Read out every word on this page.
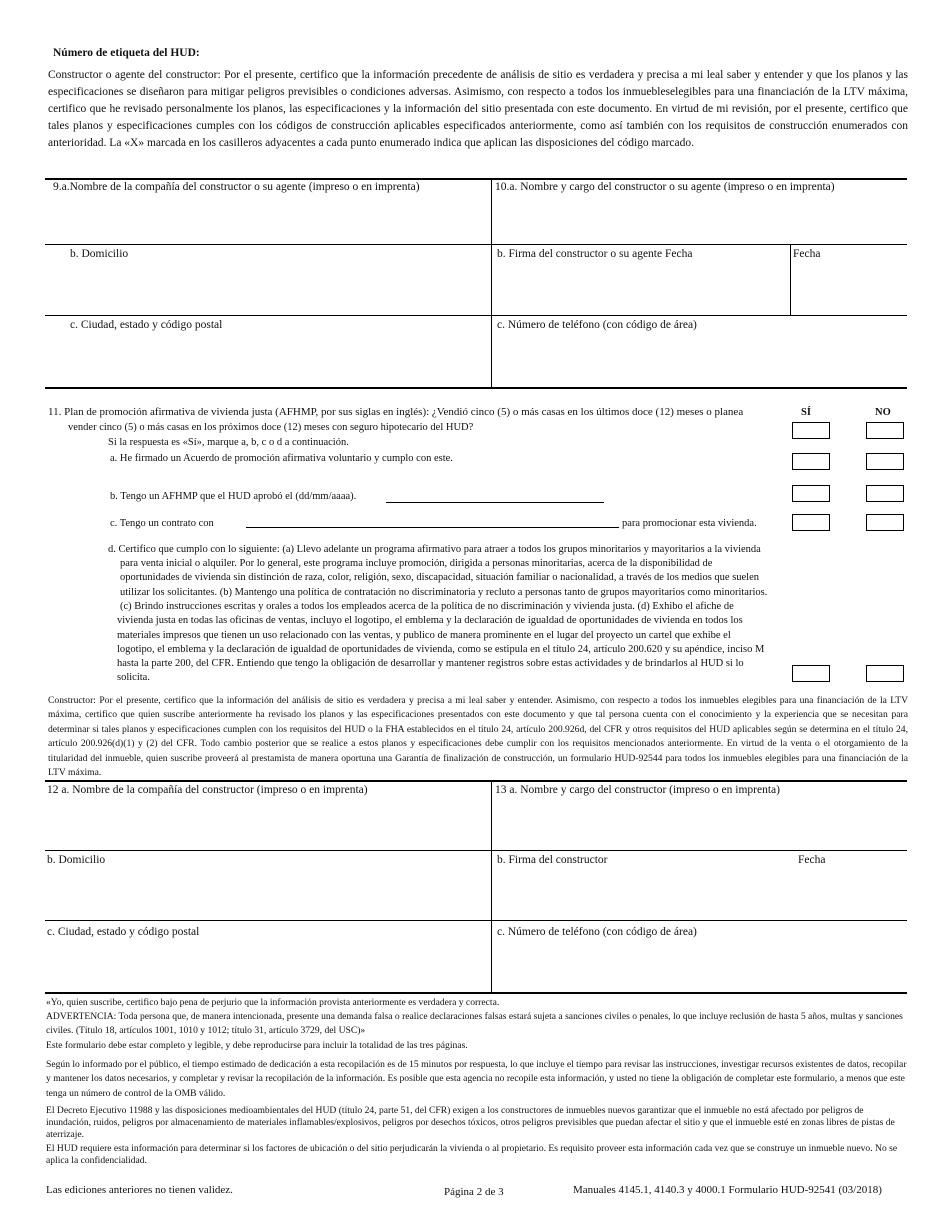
Número de etiqueta del HUD:
Constructor o agente del constructor: Por el presente, certifico que la información precedente de análisis de sitio es verdadera y precisa a mi leal saber y entender y que los planos y las especificaciones se diseñaron para mitigar peligros previsibles o condiciones adversas. Asimismo, con respecto a todos los inmuebleselegibles para una financiación de la LTV máxima, certifico que he revisado personalmente los planos, las especificaciones y la información del sitio presentada con este documento. En virtud de mi revisión, por el presente, certifico que tales planos y especificaciones cumples con los códigos de construcción aplicables especificados anteriormente, como así también con los requisitos de construcción enumerados con anterioridad. La «X» marcada en los casilleros adyacentes a cada punto enumerado indica que aplican las disposiciones del código marcado.
9.a.Nombre de la compañía del constructor o su agente (impreso o en imprenta)	10.a. Nombre y cargo del constructor o su agente (impreso o en imprenta)
b. Domicilio	b. Firma del constructor o su agente Fecha	Fecha
c. Ciudad, estado y código postal	c. Número de teléfono (con código de área)
SÍ	NO
11. Plan de promoción afirmativa de vivienda justa (AFHMP, por sus siglas en inglés): ¿Vendió cinco (5) o más casas en los últimos doce (12) meses o planea
vender cinco (5) o más casas en los próximos doce (12) meses con seguro hipotecario del HUD?
Si la respuesta es «Sí», marque a, b, c o d a continuación.
a. He firmado un Acuerdo de promoción afirmativa voluntario y cumplo con este.
b. Tengo un AFHMP que el HUD aprobó el (dd/mm/aaaa).
c. Tengo un contrato con	para promocionar esta vivienda.
d. Certifico que cumplo con lo siguiente: (a) Llevo adelante un programa afirmativo para atraer a todos los grupos minoritarios y mayoritarios a la vivienda
para venta inicial o alquiler. Por lo general, este programa incluye promoción, dirigida a personas minoritarias, acerca de la disponibilidad de
oportunidades de vivienda sin distinción de raza, color, religión, sexo, discapacidad, situación familiar o nacionalidad, a través de los medios que suelen
utilizar los solicitantes. (b) Mantengo una política de contratación no discriminatoria y recluto a personas tanto de grupos mayoritarios como minoritarios.
(c) Brindo instrucciones escritas y orales a todos los empleados acerca de la política de no discriminación y vivienda justa. (d) Exhibo el afiche de
vivienda justa en todas las oficinas de ventas, incluyo el logotipo, el emblema y la declaración de igualdad de oportunidades de vivienda en todos los
materiales impresos que tienen un uso relacionado con las ventas, y publico de manera prominente en el lugar del proyecto un cartel que exhibe el
logotipo, el emblema y la declaración de igualdad de oportunidades de vivienda, como se estipula en el título 24, artículo 200.620 y su apéndice, inciso M
hasta la parte 200, del CFR. Entiendo que tengo la obligación de desarrollar y mantener registros sobre estas actividades y de brindarlos al HUD si lo
solicita.
Constructor: Por el presente, certifico que la información del análisis de sitio es verdadera y precisa a mi leal saber y entender. Asimismo, con respecto a todos los inmuebles elegibles para una financiación de la LTV máxima, certifico que quien suscribe anteriormente ha revisado los planos y las especificaciones presentados con este documento y que tal persona cuenta con el conocimiento y la experiencia que se necesitan para determinar si tales planos y especificaciones cumplen con los requisitos del HUD o la FHA establecidos en el título 24, artículo 200.926d, del CFR y otros requisitos del HUD aplicables según se determina en el título 24, artículo 200.926(d)(1) y (2) del CFR. Todo cambio posterior que se realice a estos planos y especificaciones debe cumplir con los requisitos mencionados anteriormente. En virtud de la venta o el otorgamiento de la titularidad del inmueble, quien suscribe proveerá al prestamista de manera oportuna una Garantía de finalización de construcción, un formulario HUD-92544 para todos los inmuebles elegibles para una financiación de la LTV máxima.
12 a. Nombre de la compañía del constructor (impreso o en imprenta)	13 a. Nombre y cargo del constructor (impreso o en imprenta)
b. Domicilio	b. Firma del constructor	Fecha
c. Ciudad, estado y código postal	c. Número de teléfono (con código de área)
«Yo, quien suscribe, certifico bajo pena de perjurio que la información provista anteriormente es verdadera y correcta.
ADVERTENCIA: Toda persona que, de manera intencionada, presente una demanda falsa o realice declaraciones falsas estará sujeta a sanciones civiles o penales, lo que incluye reclusión de hasta 5 años, multas y sanciones civiles. (Título 18, artículos 1001, 1010 y 1012; título 31, artículo 3729, del USC)»
Este formulario debe estar completo y legible, y debe reproducirse para incluir la totalidad de las tres páginas.
Según lo informado por el público, el tiempo estimado de dedicación a esta recopilación es de 15 minutos por respuesta, lo que incluye el tiempo para revisar las instrucciones, investigar recursos existentes de datos, recopilar y mantener los datos necesarios, y completar y revisar la recopilación de la información. Es posible que esta agencia no recopile esta información, y usted no tiene la obligación de completar este formulario, a menos que este tenga un número de control de la OMB válido.
El Decreto Ejecutivo 11988 y las disposiciones medioambientales del HUD (título 24, parte 51, del CFR) exigen a los constructores de inmuebles nuevos garantizar que el inmueble no está afectado por peligros de inundación, ruidos, peligros por almacenamiento de materiales inflamables/explosivos, peligros por desechos tóxicos, otros peligros previsibles que puedan afectar el sitio y que el inmueble esté en zonas libres de pistas de aterrizaje.
El HUD requiere esta información para determinar si los factores de ubicación o del sitio perjudicarán la vivienda o al propietario. Es requisito proveer esta información cada vez que se construye un inmueble nuevo. No se aplica la confidencialidad.
Las ediciones anteriores no tienen validez.	Página 2 de 3	Manuales 4145.1, 4140.3 y 4000.1 Formulario HUD-92541 (03/2018)
